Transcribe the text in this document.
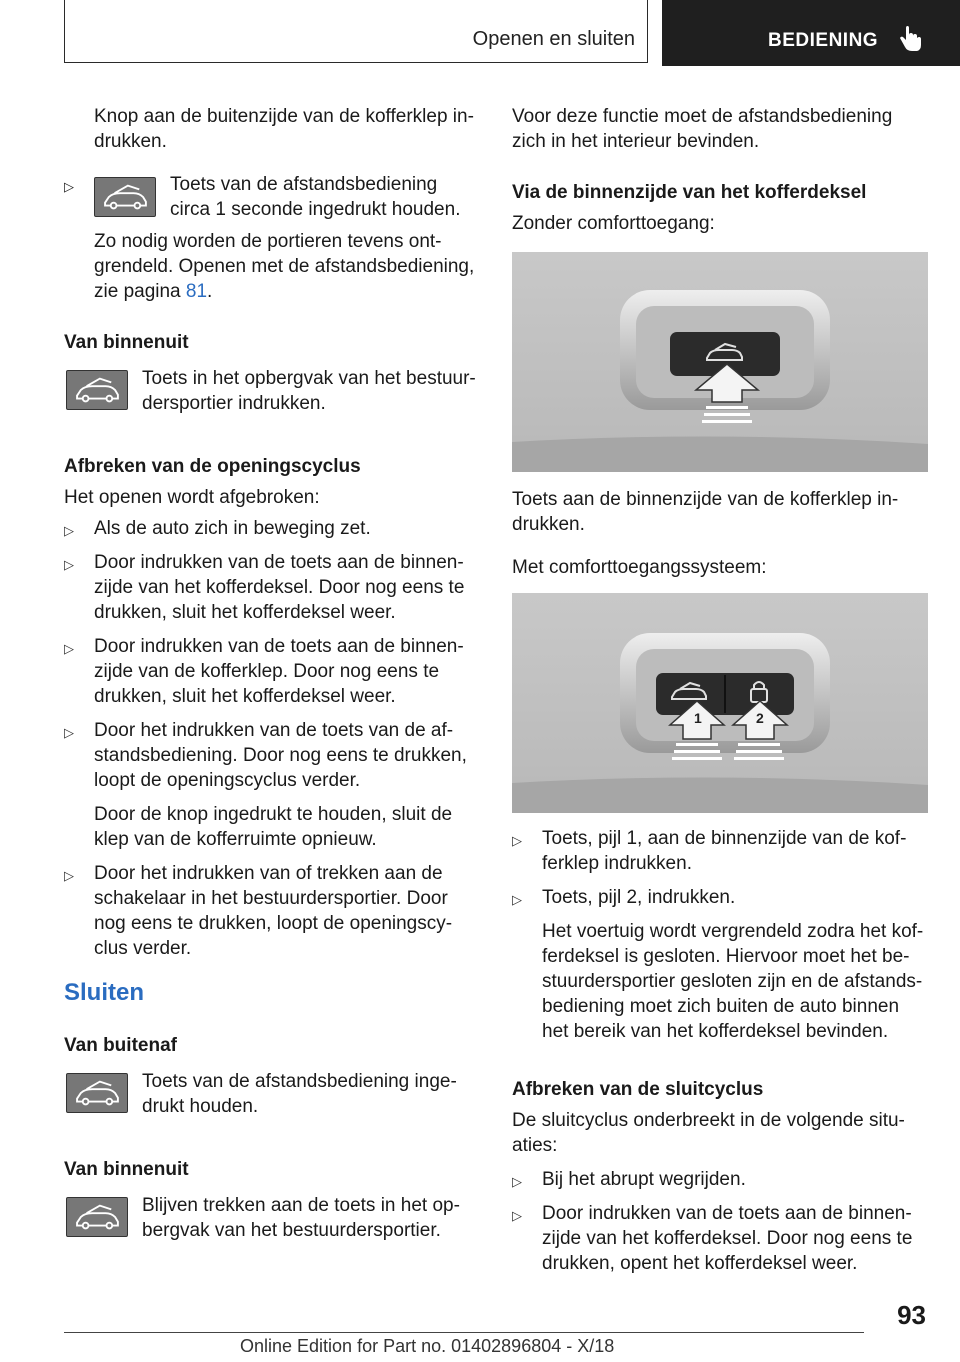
Openen en sluiten	BEDIENING

Knop aan de buitenzijde van de kofferklep in-
drukken.

▷	Toets van de afstandsbediening
circa 1 seconde ingedrukt houden.

Zo nodig worden de portieren tevens ont-
grendeld. Openen met de afstandsbediening,
zie pagina 81.

Van binnenuit

Toets in het opbergvak van het bestuur-
dersportier indrukken.

Afbreken van de openingscyclus
Het openen wordt afgebroken:
▷ Als de auto zich in beweging zet.
▷ Door indrukken van de toets aan de binnen-
zijde van het kofferdeksel. Door nog eens te
drukken, sluit het kofferdeksel weer.
▷ Door indrukken van de toets aan de binnen-
zijde van de kofferklep. Door nog eens te
drukken, sluit het kofferdeksel weer.
▷ Door het indrukken van de toets van de af-
standsbediening. Door nog eens te drukken,
loopt de openingscyclus verder.
Door de knop ingedrukt te houden, sluit de
klep van de kofferruimte opnieuw.
▷ Door het indrukken van of trekken aan de
schakelaar in het bestuurdersportier. Door
nog eens te drukken, loopt de openingscy-
clus verder.
Sluiten
Van buitenaf

Toets van de afstandsbediening inge-
drukt houden.

Van binnenuit

Blijven trekken aan de toets in het op-
bergvak van het bestuurdersportier.

Voor deze functie moet de afstandsbediening
zich in het interieur bevinden.

Via de binnenzijde van het kofferdeksel
Zonder comforttoegang:

Toets aan de binnenzijde van de kofferklep in-
drukken.

Met comforttoegangssysteem:
1	2
▷ Toets, pijl 1, aan de binnenzijde van de kof-
ferklep indrukken.
▷ Toets, pijl 2, indrukken.
Het voertuig wordt vergrendeld zodra het kof-
ferdeksel is gesloten. Hiervoor moet het be-
stuurdersportier gesloten zijn en de afstands-
bediening moet zich buiten de auto binnen
het bereik van het kofferdeksel bevinden.
Afbreken van de sluitcyclus

De sluitcyclus onderbreekt in de volgende situ-
aties:

▷ Bij het abrupt wegrijden.
▷ Door indrukken van de toets aan de binnen-
zijde van het kofferdeksel. Door nog eens te
drukken, opent het kofferdeksel weer.
93
Online Edition for Part no. 01402896804 - X/18
